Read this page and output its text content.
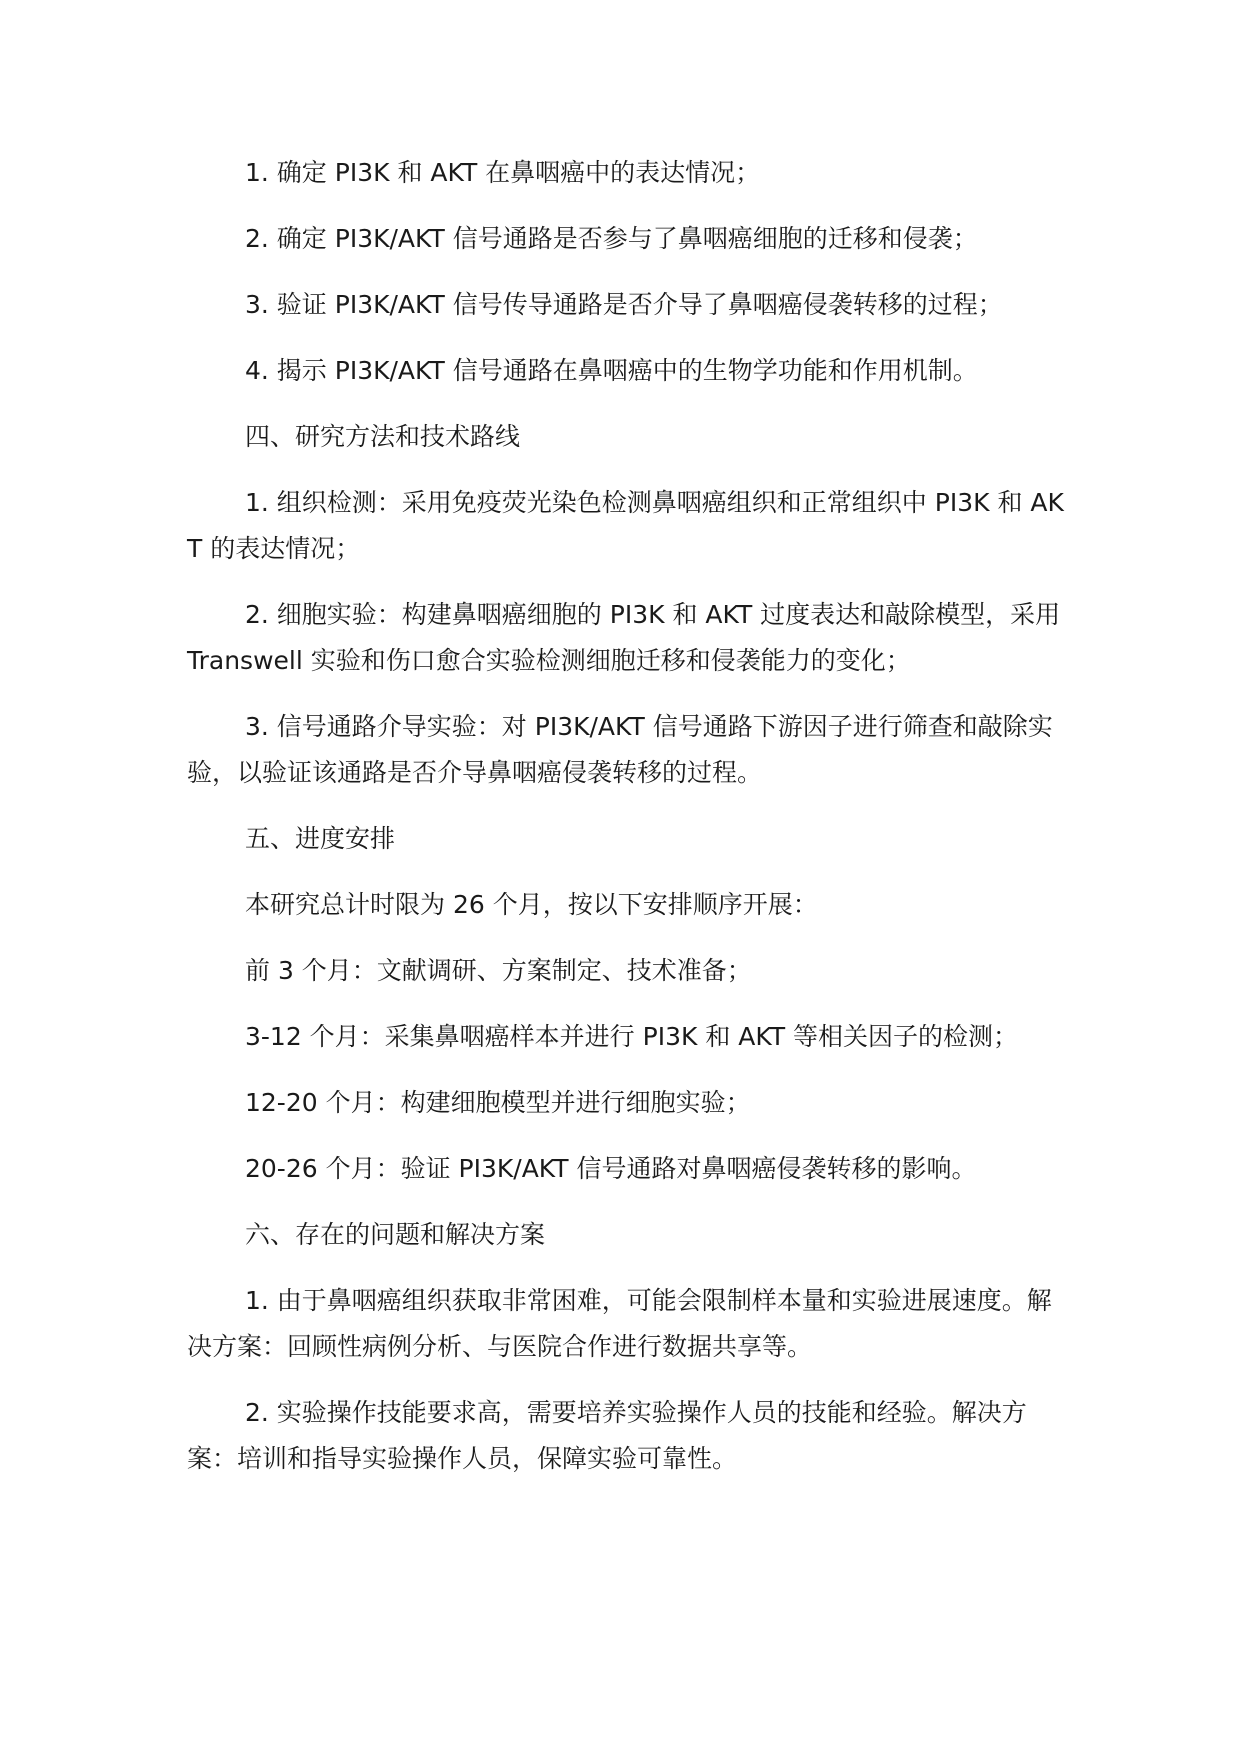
1. 确定 PI3K 和 AKT 在鼻咽癌中的表达情况；

2. 确定 PI3K/AKT 信号通路是否参与了鼻咽癌细胞的迁移和侵袭；

3. 验证 PI3K/AKT 信号传导通路是否介导了鼻咽癌侵袭转移的过程；

4. 揭示 PI3K/AKT 信号通路在鼻咽癌中的生物学功能和作用机制。

四、研究方法和技术路线

1. 组织检测：采用免疫荧光染色检测鼻咽癌组织和正常组织中 PI3K 和 AKT 的表达情况；

2. 细胞实验：构建鼻咽癌细胞的 PI3K 和 AKT 过度表达和敲除模型，采用 Transwell 实验和伤口愈合实验检测细胞迁移和侵袭能力的变化；

3. 信号通路介导实验：对 PI3K/AKT 信号通路下游因子进行筛查和敲除实验，以验证该通路是否介导鼻咽癌侵袭转移的过程。

五、进度安排

本研究总计时限为 26 个月，按以下安排顺序开展：

前 3 个月：文献调研、方案制定、技术准备；

3-12 个月：采集鼻咽癌样本并进行 PI3K 和 AKT 等相关因子的检测；

12-20 个月：构建细胞模型并进行细胞实验；

20-26 个月：验证 PI3K/AKT 信号通路对鼻咽癌侵袭转移的影响。

六、存在的问题和解决方案

1. 由于鼻咽癌组织获取非常困难，可能会限制样本量和实验进展速度。解决方案：回顾性病例分析、与医院合作进行数据共享等。

2. 实验操作技能要求高，需要培养实验操作人员的技能和经验。解决方案：培训和指导实验操作人员，保障实验可靠性。
